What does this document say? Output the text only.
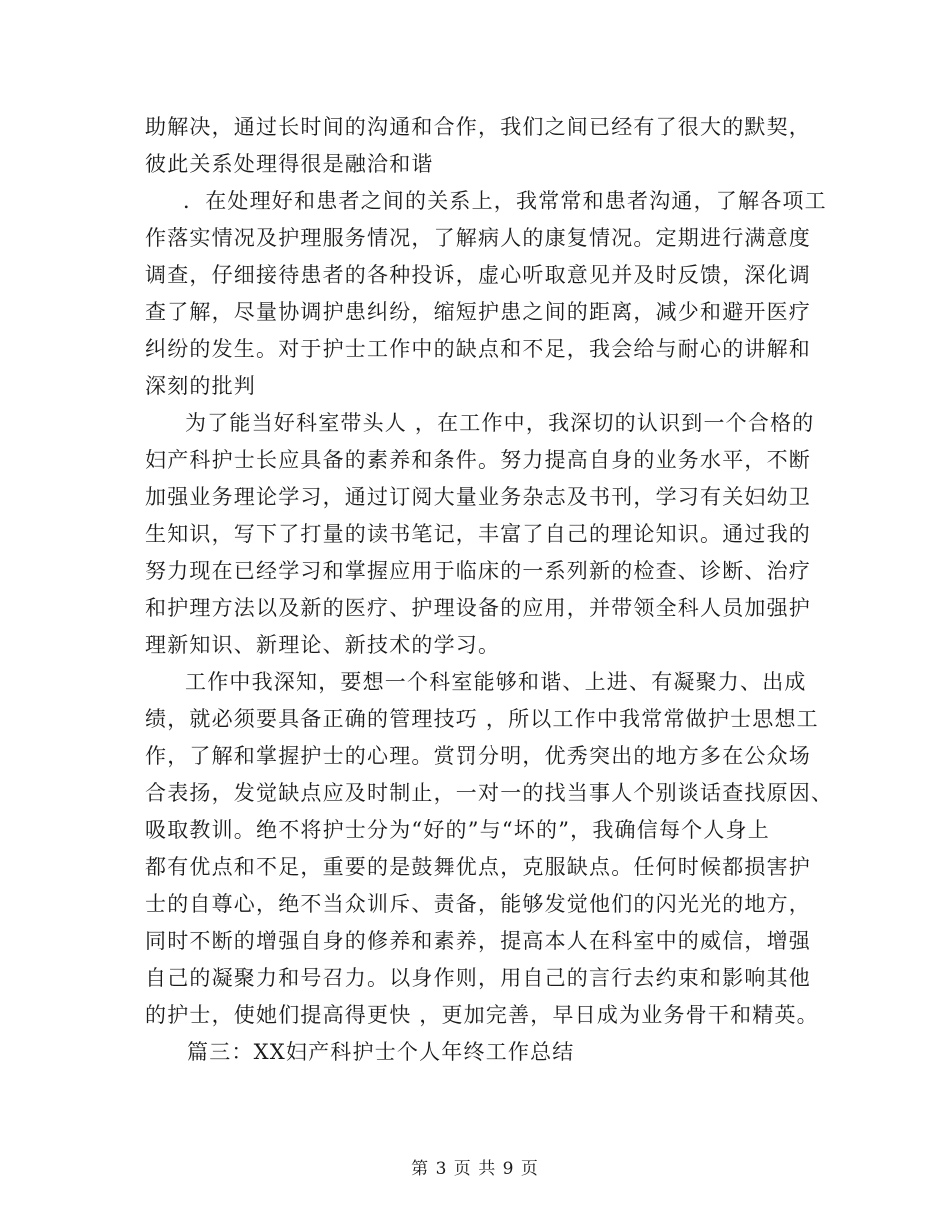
助解决，通过长时间的沟通和合作，我们之间已经有了很大的默契，
彼此关系处理得很是融洽和谐
．在处理好和患者之间的关系上，我常常和患者沟通，了解各项工
作落实情况及护理服务情况，了解病人的康复情况。定期进行满意度
调查，仔细接待患者的各种投诉，虚心听取意见并及时反馈，深化调
查了解，尽量协调护患纠纷，缩短护患之间的距离，减少和避开医疗
纠纷的发生。对于护士工作中的缺点和不足，我会给与耐心的讲解和
深刻的批判
为了能当好科室带头人 ，在工作中，我深切的认识到一个合格的
妇产科护士长应具备的素养和条件。努力提高自身的业务水平，不断
加强业务理论学习，通过订阅大量业务杂志及书刊，学习有关妇幼卫
生知识，写下了打量的读书笔记，丰富了自己的理论知识。通过我的
努力现在已经学习和掌握应用于临床的一系列新的检查、诊断、治疗
和护理方法以及新的医疗、护理设备的应用，并带领全科人员加强护
理新知识、新理论、新技术的学习。
工作中我深知，要想一个科室能够和谐、上进、有凝聚力、出成
绩，就必须要具备正确的管理技巧 ，所以工作中我常常做护士思想工
作，了解和掌握护士的心理。赏罚分明，优秀突出的地方多在公众场
合表扬，发觉缺点应及时制止，一对一的找当事人个别谈话查找原因、
吸取教训。绝不将护士分为“好的”与“坏的”，我确信每个人身上
都有优点和不足，重要的是鼓舞优点，克服缺点。任何时候都损害护
士的自尊心，绝不当众训斥、责备，能够发觉他们的闪光光的地方，
同时不断的增强自身的修养和素养，提高本人在科室中的威信，增强
自己的凝聚力和号召力。以身作则，用自己的言行去约束和影响其他
的护士，使她们提高得更快 ，更加完善，早日成为业务骨干和精英。
篇三：XX妇产科护士个人年终工作总结
第 3 页 共 9 页
